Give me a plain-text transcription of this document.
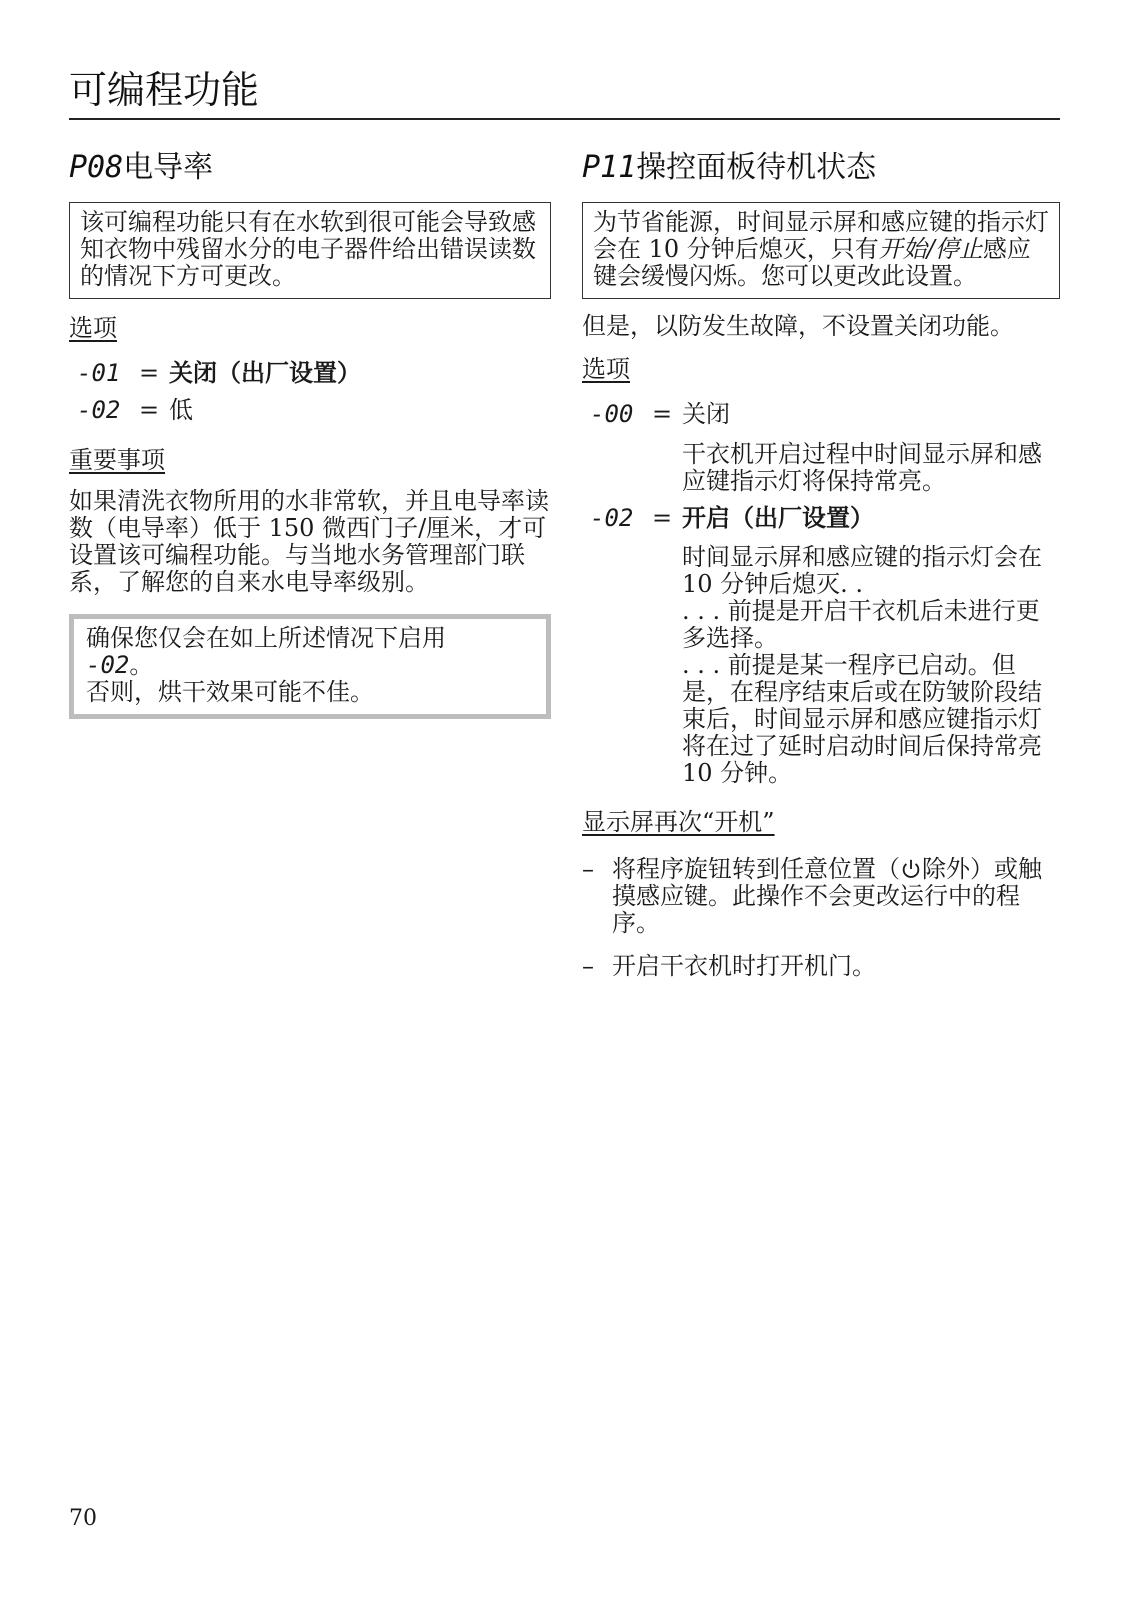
可编程功能
P08电导率
该可编程功能只有在水软到很可能会导致感知衣物中残留水分的电子器件给出错误读数的情况下方可更改。
选项
-01 = 关闭（出厂设置）
-02 = 低
重要事项

如果清洗衣物所用的水非常软，并且电导率读数（电导率）低于 150 微西门子/厘米，才可设置该可编程功能。与当地水务管理部门联系，了解您的自来水电导率级别。

确保您仅会在如上所述情况下启用
-02。
否则，烘干效果可能不佳。
P11操控面板待机状态
为节省能源，时间显示屏和感应键的指示灯会在 10 分钟后熄灭，只有开始/停止感应键会缓慢闪烁。您可以更改此设置。

但是，以防发生故障，不设置关闭功能。

选项
-00 = 关闭
干衣机开启过程中时间显示屏和感应键指示灯将保持常亮。
-02 = 开启（出厂设置）
时间显示屏和感应键的指示灯会在 10 分钟后熄灭. .
. . . 前提是开启干衣机后未进行更多选择。
. . . 前提是某一程序已启动。但是，在程序结束后或在防皱阶段结束后，时间显示屏和感应键指示灯将在过了延时启动时间后保持常亮 10 分钟。
显示屏再次“开机”
– 将程序旋钮转到任意位置（ 除外）或触摸感应键。此操作不会更改运行中的程序。
– 开启干衣机时打开机门。
70
